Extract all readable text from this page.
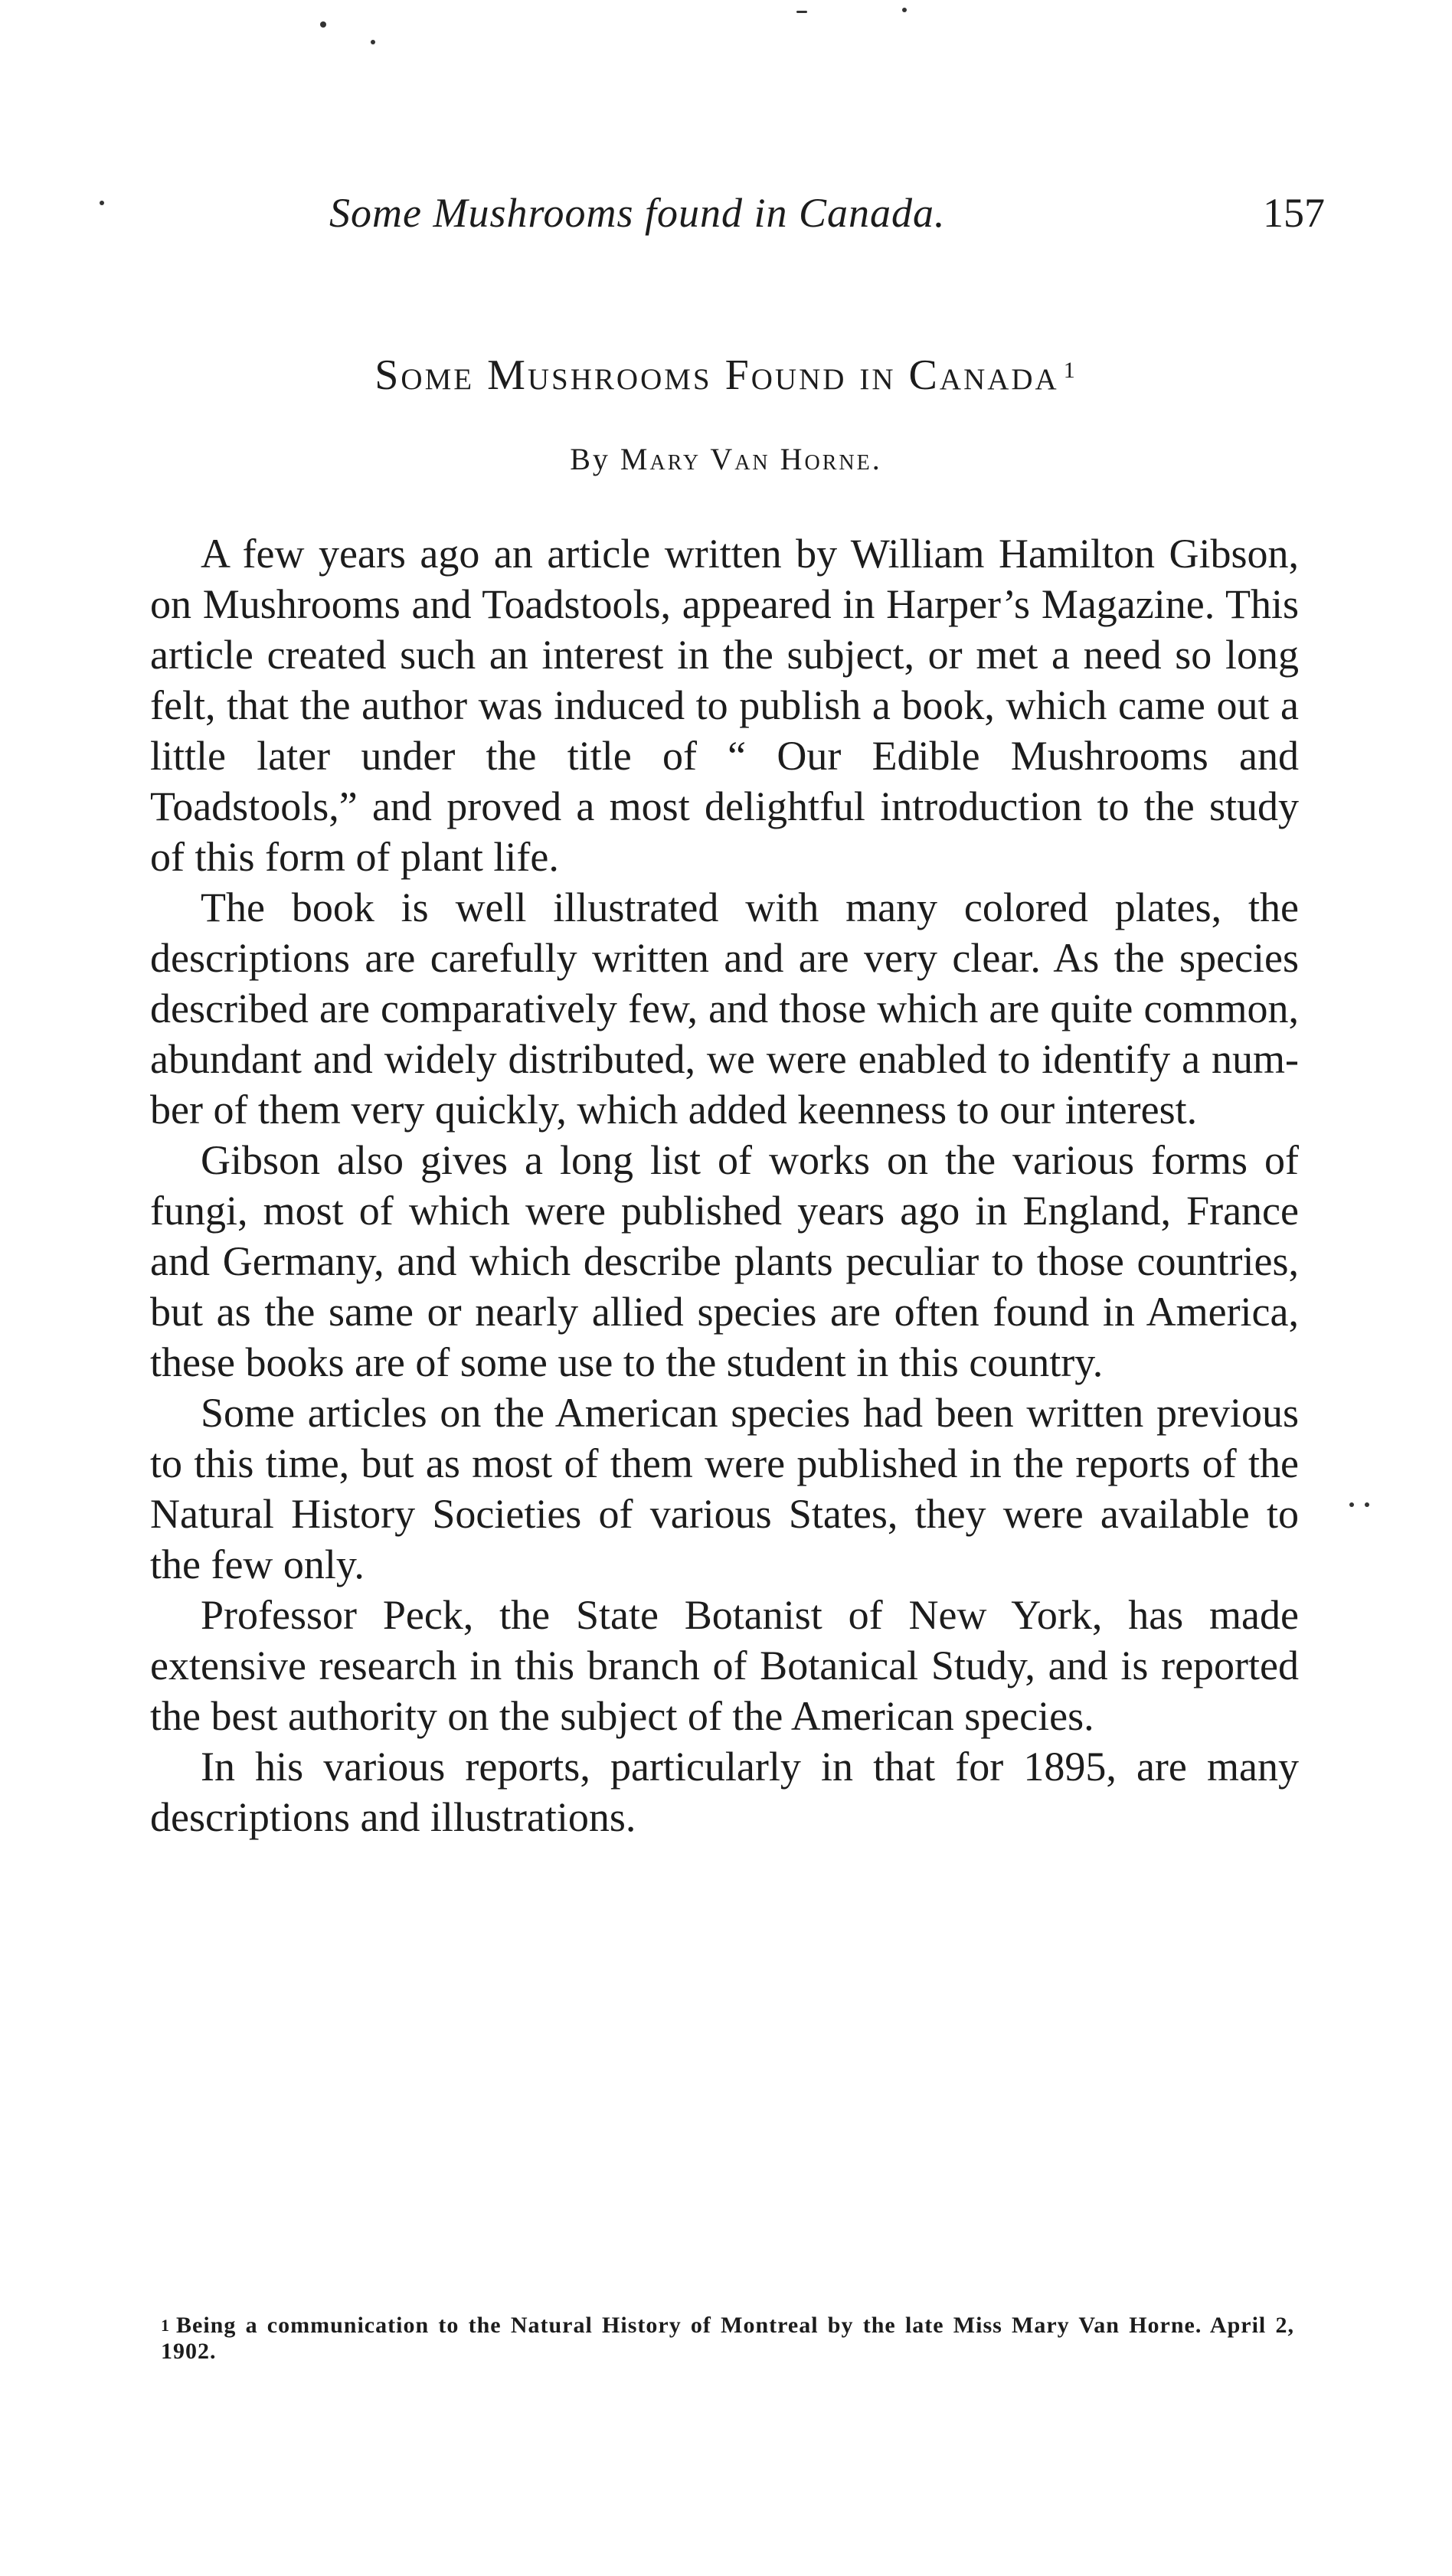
Some Mushrooms found in Canada.	157
Some Mushrooms Found in Canada $^1$
By Mary Van Horne.

A few years ago an article written by William Hamilton Gibson, on Mushrooms and Toadstools, appeared in Harper’s Magazine. This article created such an interest in the subject, or met a need so long felt, that the author was induced to publish a book, which came out a little later under the title of “ Our Edible Mushrooms and Toadstools,” and proved a most delightful introduction to the study of this form of plant life.

The book is well illustrated with many colored plates, the descriptions are carefully written and are very clear. As the species described are comparatively few, and those which are quite common, abundant and widely distributed, we were enabled to identify a number of them very quickly, which added keenness to our interest.

Gibson also gives a long list of works on the various forms of fungi, most of which were published years ago in England, France and Germany, and which describe plants peculiar to those countries, but as the same or nearly allied species are often found in America, these books are of some use to the student in this country.

Some articles on the American species had been written previous to this time, but as most of them were published in the reports of the Natural History Societies of various States, they were available to the few only.

Professor Peck, the State Botanist of New York, has made extensive research in this branch of Botanical Study, and is reported the best authority on the subject of the American species.

In his various reports, particularly in that for 1895, are many descriptions and illustrations.

$^1$ Being a communication to the Natural History of Montreal by the late Miss Mary Van Horne. April 2, 1902.
